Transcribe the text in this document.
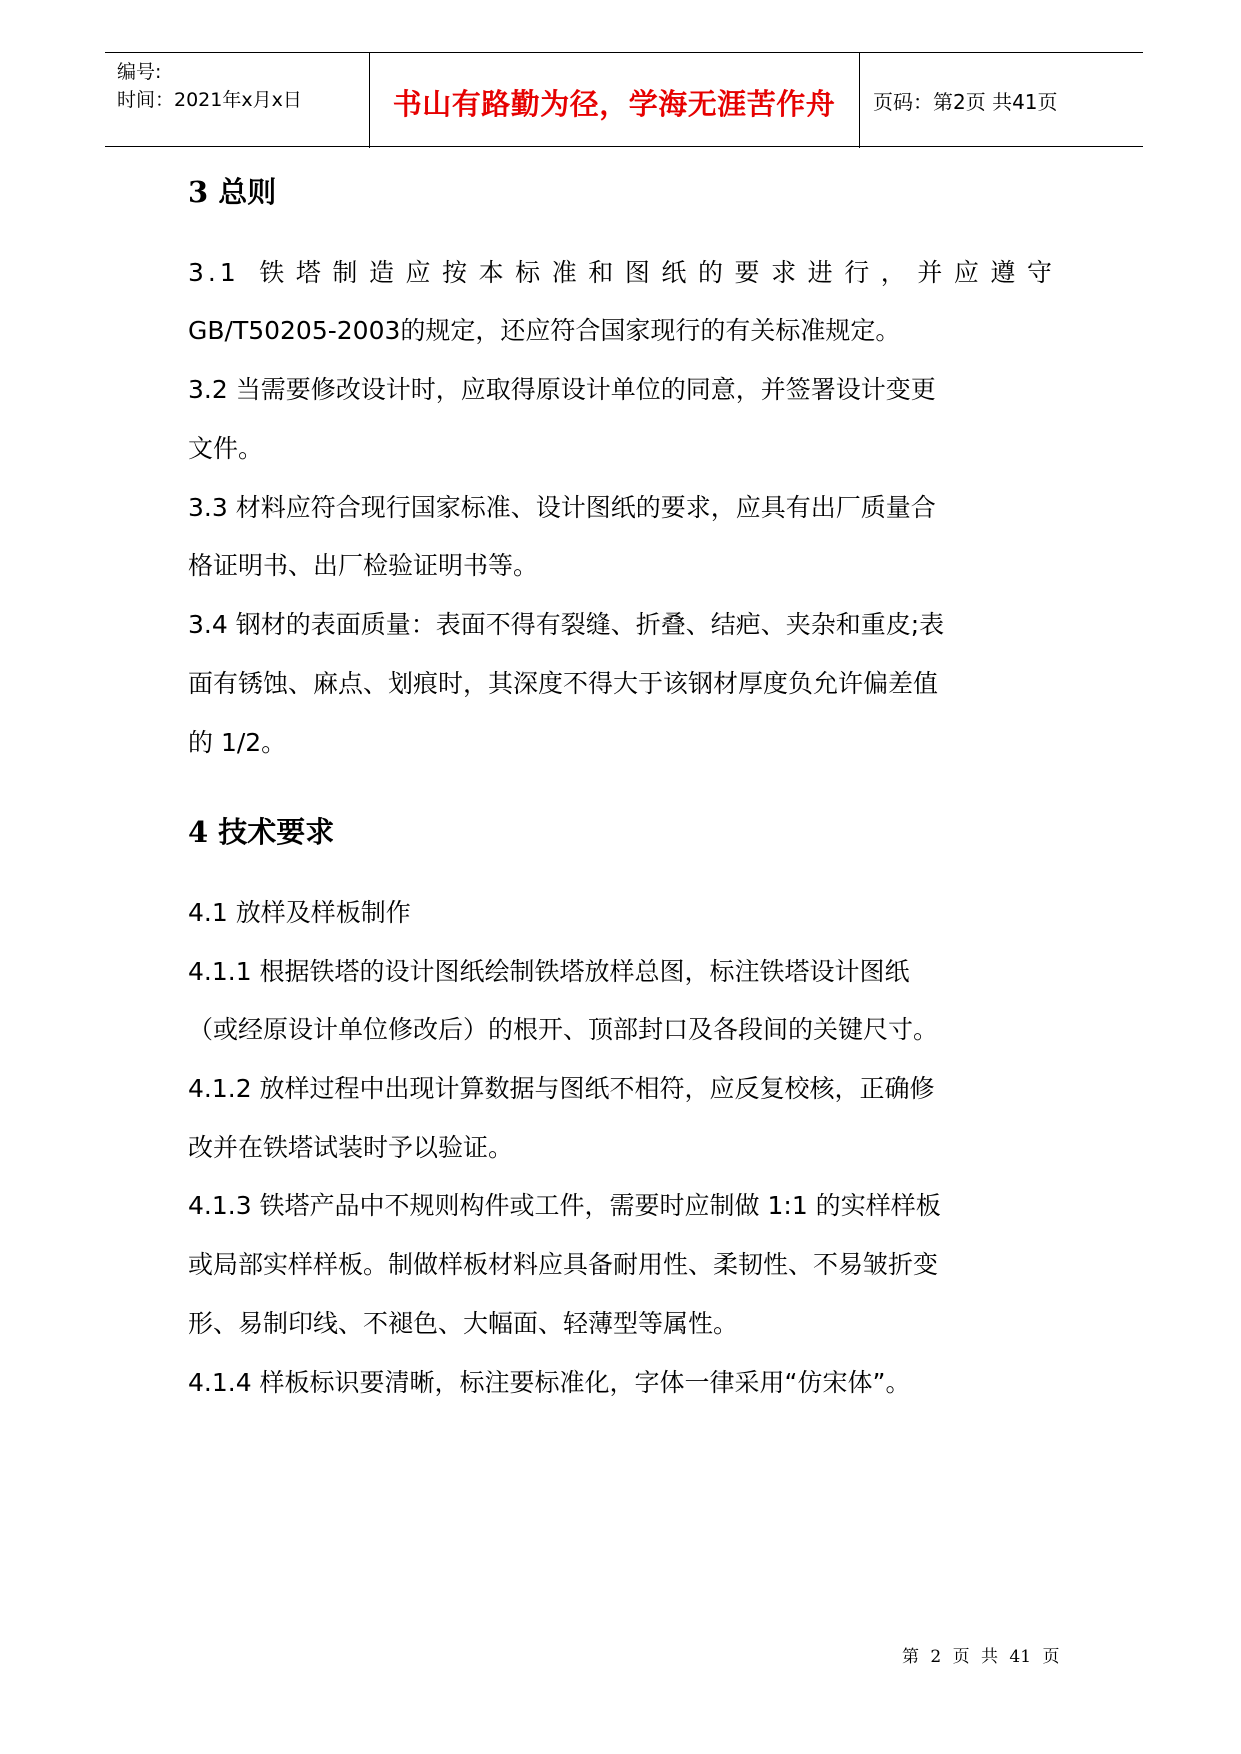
编号:
时间：2021年x月x日	书山有路勤为径，学海无涯苦作舟	页码：第2页 共41页
3 总则

3.1 铁塔制造应按本标准和图纸的要求进行，并应遵守

GB/T50205-2003的规定，还应符合国家现行的有关标准规定。

3.2 当需要修改设计时，应取得原设计单位的同意，并签署设计变更

文件。

3.3 材料应符合现行国家标准、设计图纸的要求，应具有出厂质量合

格证明书、出厂检验证明书等。

3.4 钢材的表面质量：表面不得有裂缝、折叠、结疤、夹杂和重皮;表

面有锈蚀、麻点、划痕时，其深度不得大于该钢材厚度负允许偏差值

的 1/2。

4 技术要求

4.1 放样及样板制作

4.1.1 根据铁塔的设计图纸绘制铁塔放样总图，标注铁塔设计图纸

（或经原设计单位修改后）的根开、顶部封口及各段间的关键尺寸。

4.1.2 放样过程中出现计算数据与图纸不相符，应反复校核，正确修

改并在铁塔试装时予以验证。

4.1.3 铁塔产品中不规则构件或工件，需要时应制做 1:1 的实样样板

或局部实样样板。制做样板材料应具备耐用性、柔韧性、不易皱折变

形、易制印线、不褪色、大幅面、轻薄型等属性。

4.1.4 样板标识要清晰，标注要标准化，字体一律采用“仿宋体”。

第 2 页 共 41 页
